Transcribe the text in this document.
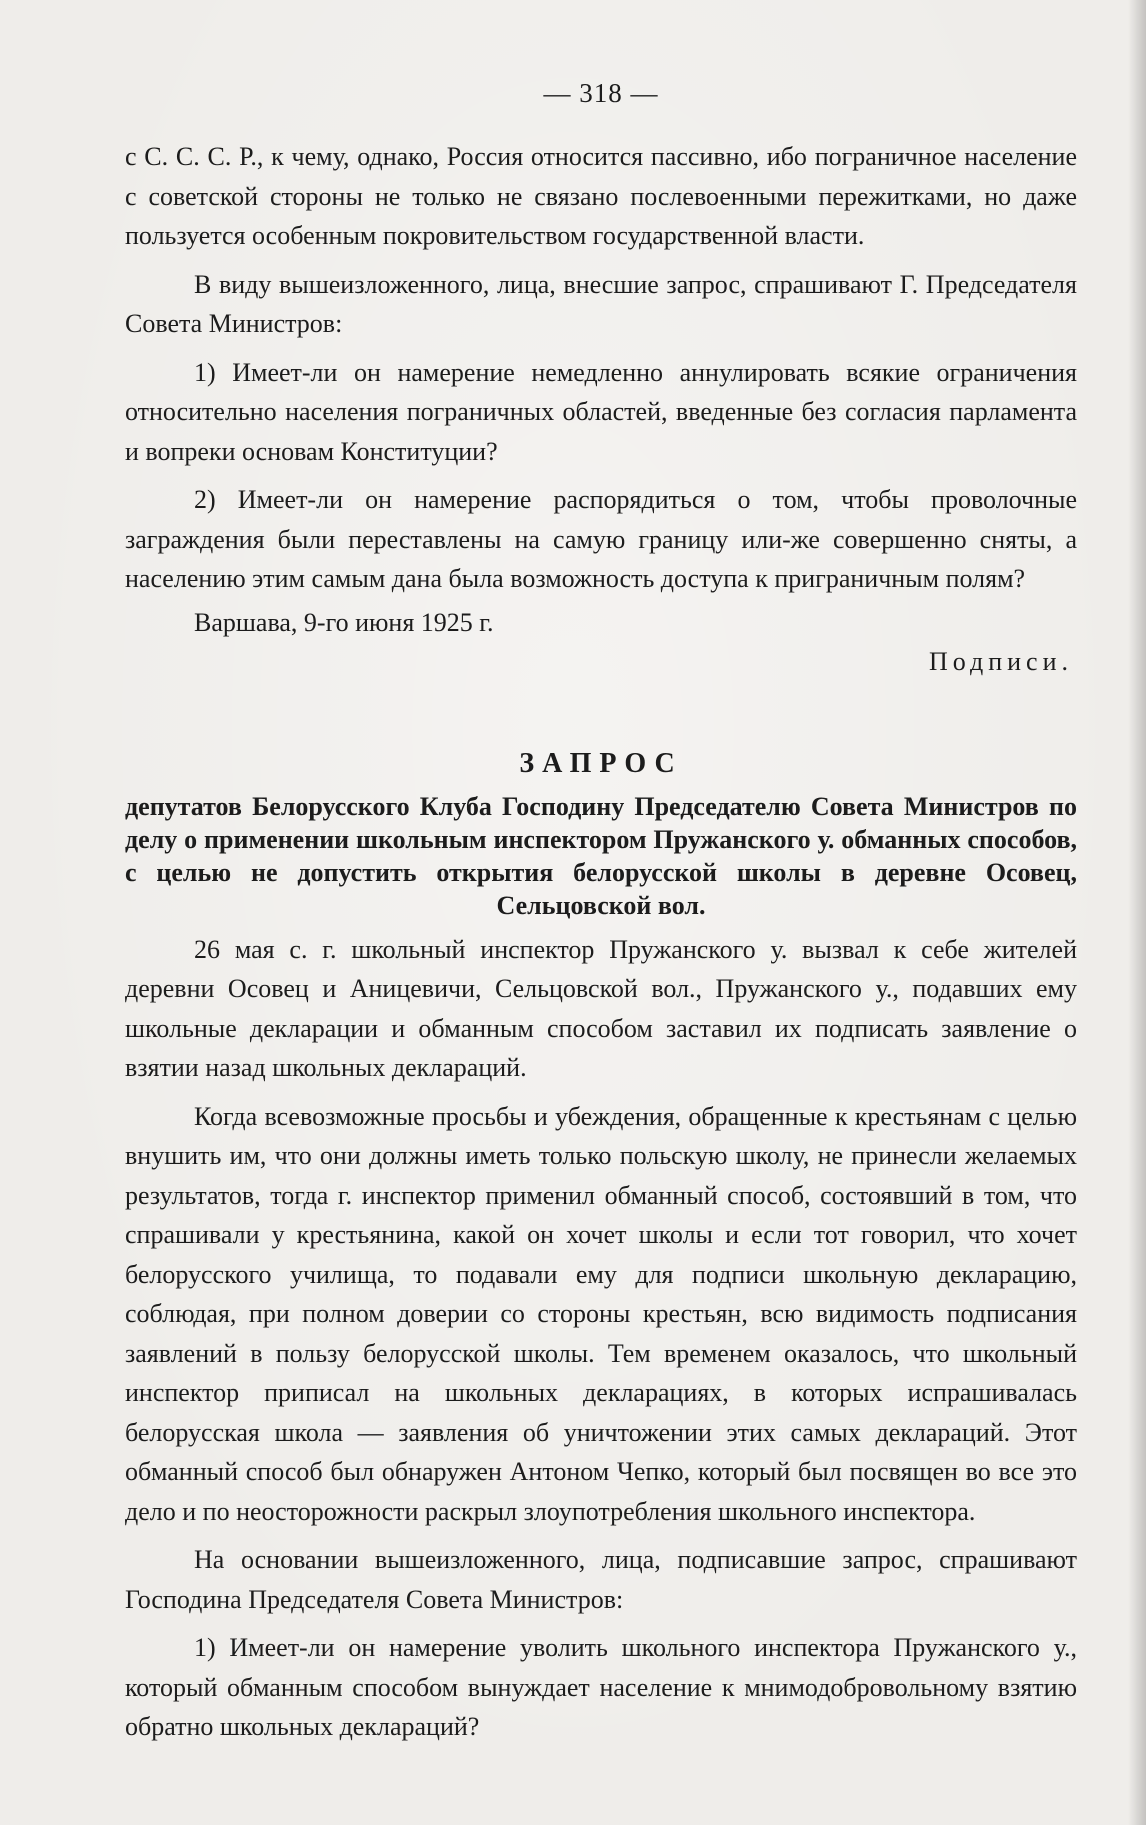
— 318 —

с С. С. С. Р., к чему, однако, Россия относится пассивно, ибо пограничное население с советской стороны не только не связано послевоенными пережитками, но даже пользуется особенным покровительством государственной власти.

В виду вышеизложенного, лица, внесшие запрос, спрашивают Г. Председателя Совета Министров:

1) Имеет-ли он намерение немедленно аннулировать всякие ограничения относительно населения пограничных областей, введенные без согласия парламента и вопреки основам Конституции?

2) Имеет-ли он намерение распорядиться о том, чтобы проволочные заграждения были переставлены на самую границу или-же совершенно сняты, а населению этим самым дана была возможность доступа к приграничным полям?

Варшава, 9-го июня 1925 г.
Подписи.
ЗАПРОС
депутатов Белорусского Клуба Господину Председателю Совета Министров по делу о применении школьным инспектором Пружанского у. обманных способов, с целью не допустить открытия белорусской школы в деревне Осовец, Сельцовской вол.

26 мая с. г. школьный инспектор Пружанского у. вызвал к себе жителей деревни Осовец и Аницевичи, Сельцовской вол., Пружанского у., подавших ему школьные декларации и обманным способом заставил их подписать заявление о взятии назад школьных деклараций.

Когда всевозможные просьбы и убеждения, обращенные к крестьянам с целью внушить им, что они должны иметь только польскую школу, не принесли желаемых результатов, тогда г. инспектор применил обманный способ, состоявший в том, что спрашивали у крестьянина, какой он хочет школы и если тот говорил, что хочет белорусского училища, то подавали ему для подписи школьную декларацию, соблюдая, при полном доверии со стороны крестьян, всю видимость подписания заявлений в пользу белорусской школы. Тем временем оказалось, что школьный инспектор приписал на школьных декларациях, в которых испрашивалась белорусская школа — заявления об уничтожении этих самых деклараций. Этот обманный способ был обнаружен Антоном Чепко, который был посвящен во все это дело и по неосторожности раскрыл злоупотребления школьного инспектора.

На основании вышеизложенного, лица, подписавшие запрос, спрашивают Господина Председателя Совета Министров:

1) Имеет-ли он намерение уволить школьного инспектора Пружанского у., который обманным способом вынуждает население к мнимодобровольному взятию обратно школьных деклараций?
